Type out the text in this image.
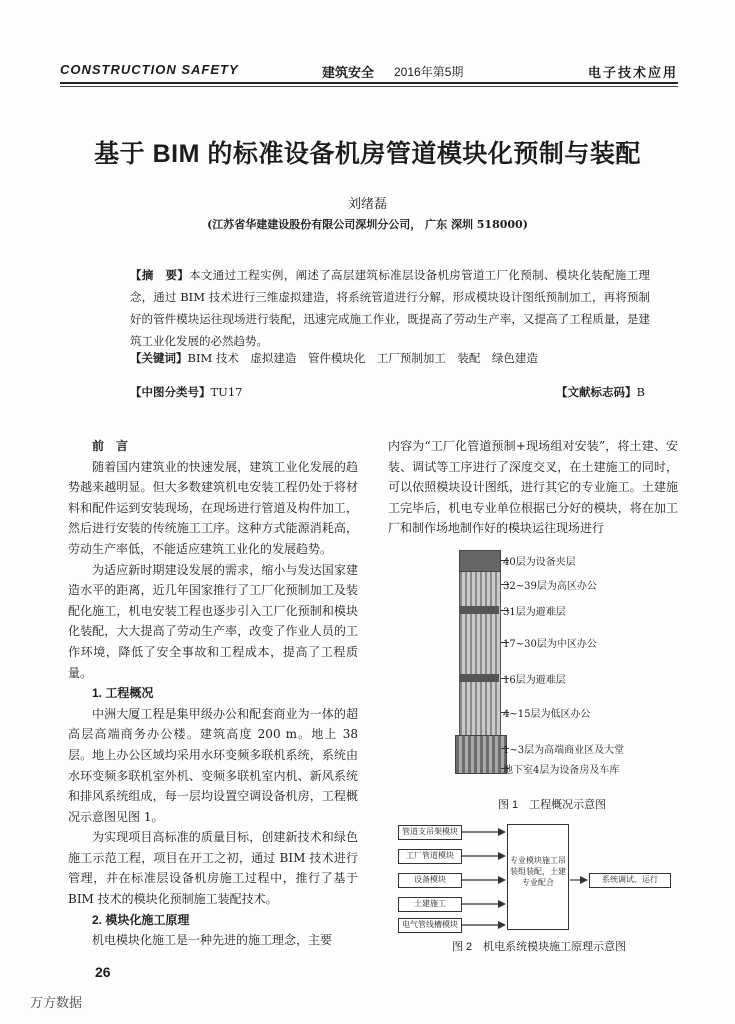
CONSTRUCTION SAFETY	建筑安全 2016年第5期	电子技术应用
基于 BIM 的标准设备机房管道模块化预制与装配
刘绪磊
(江苏省华建建设股份有限公司深圳分公司， 广东 深圳 518000)
【摘　要】本文通过工程实例，阐述了高层建筑标准层设备机房管道工厂化预制、模块化装配施工理念，通过 BIM 技术进行三维虚拟建造，将系统管道进行分解，形成模块设计图纸预制加工，再将预制好的管件模块运往现场进行装配，迅速完成施工作业，既提高了劳动生产率，又提高了工程质量，是建筑工业化发展的必然趋势。
【关键词】BIM 技术　虚拟建造　管件模块化　工厂预制加工　装配　绿色建造
【中图分类号】TU17	【文献标志码】B

前　言

随着国内建筑业的快速发展，建筑工业化发展的趋势越来越明显。但大多数建筑机电安装工程仍处于将材料和配件运到安装现场，在现场进行管道及构件加工，然后进行安装的传统施工工序。这种方式能源消耗高，劳动生产率低，不能适应建筑工业化的发展趋势。

为适应新时期建设发展的需求，缩小与发达国家建造水平的距离，近几年国家推行了工厂化预制加工及装配化施工，机电安装工程也逐步引入工厂化预制和模块化装配，大大提高了劳动生产率，改变了作业人员的工作环境，降低了安全事故和工程成本，提高了工程质量。

1. 工程概况

中洲大厦工程是集甲级办公和配套商业为一体的超高层高端商务办公楼。建筑高度 200 m。地上 38 层。地上办公区域均采用水环变频多联机系统，系统由水环变频多联机室外机、变频多联机室内机、新风系统和排风系统组成，每一层均设置空调设备机房，工程概况示意图见图 1。

为实现项目高标准的质量目标，创建新技术和绿色施工示范工程，项目在开工之初，通过 BIM 技术进行管理，并在标准层设备机房施工过程中，推行了基于 BIM 技术的模块化预制施工装配技术。

2. 模块化施工原理

机电模块化施工是一种先进的施工理念，主要

内容为“工厂化管道预制+现场组对安装”，将土建、安装、调试等工序进行了深度交叉，在土建施工的同时，可以依照模块设计图纸，进行其它的专业施工。土建施工完毕后，机电专业单位根据已分好的模块，将在加工厂和制作场地制作好的模块运往现场进行

40层为设备夹层
32~39层为高区办公
31层为避难层
17~30层为中区办公
16层为避难层
4~15层为低区办公
1~3层为高端商业区及大堂
地下室4层为设备房及车库
图 1　工程概况示意图
管道支吊架模块
工厂管道模块
设备模块
土建施工
电气管线槽模块
专业模块施工吊装组装配，土建专业配合	系统调试、运行
图 2　机电系统模块施工原理示意图
26
万方数据
